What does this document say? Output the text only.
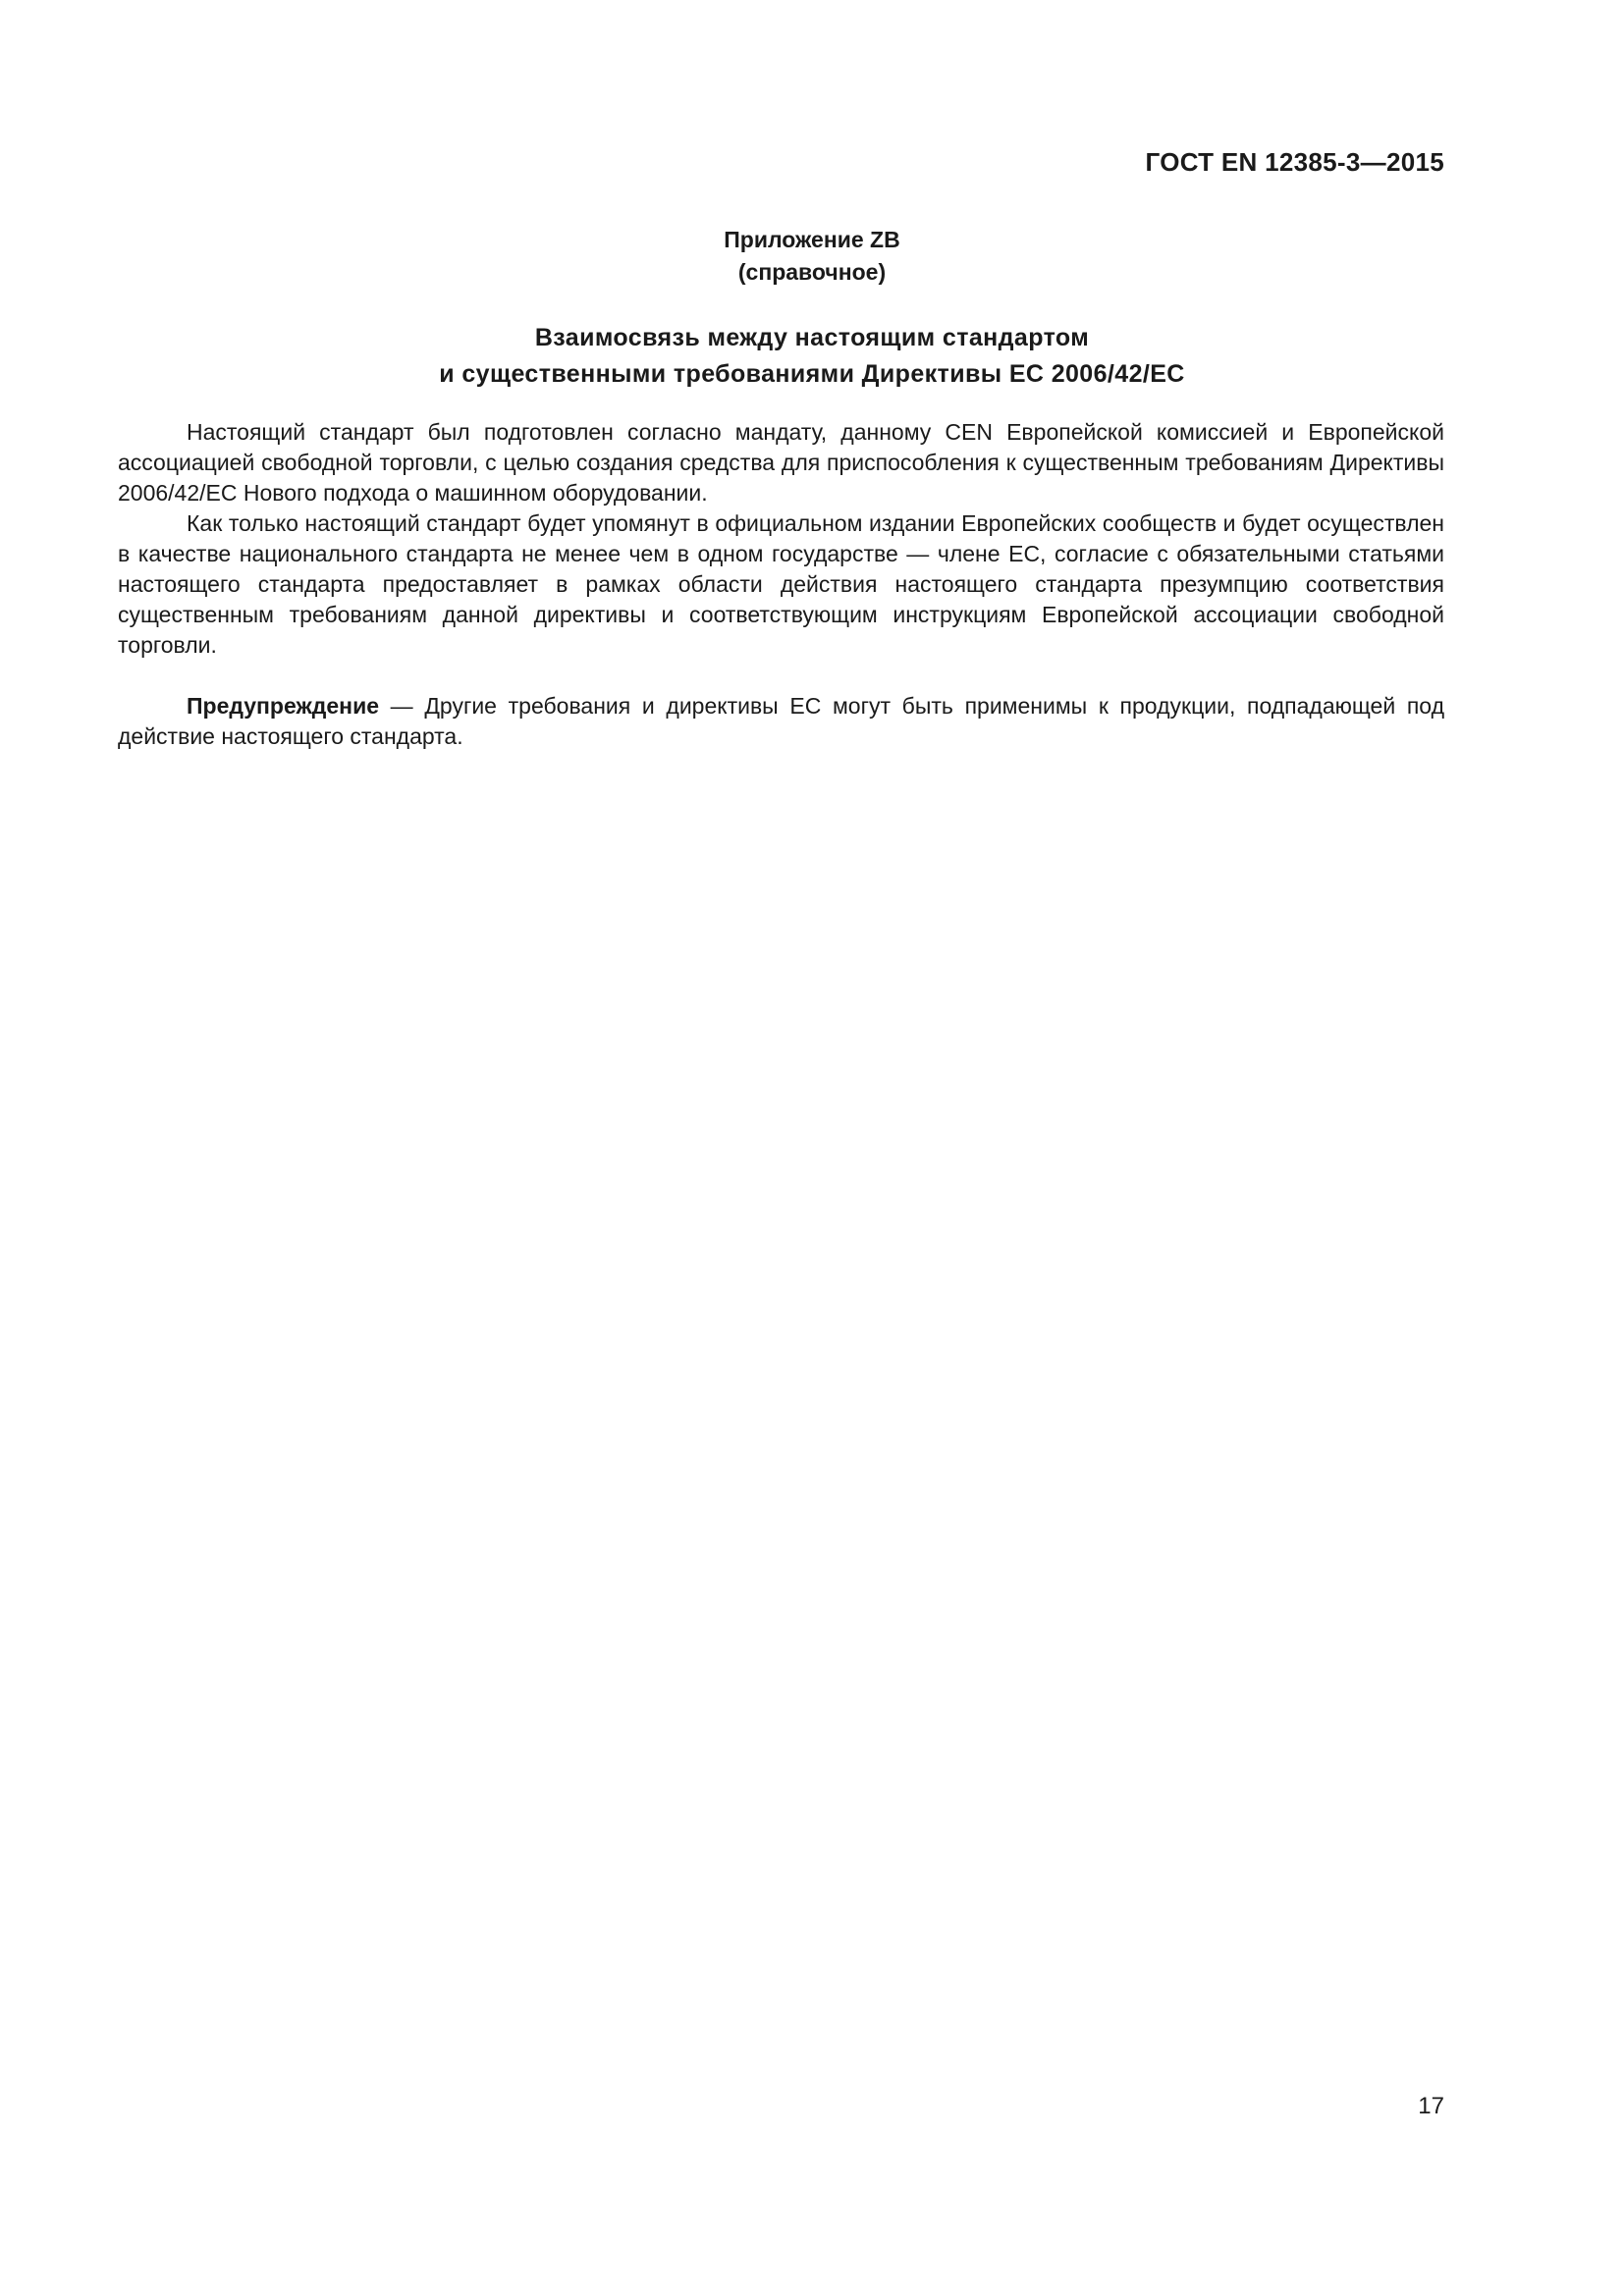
ГОСТ EN 12385-3—2015
Приложение ZB
(справочное)
Взаимосвязь между настоящим стандартом
и существенными требованиями Директивы ЕС 2006/42/ЕС

Настоящий стандарт был подготовлен согласно мандату, данному CEN Европейской комиссией и Европейской ассоциацией свободной торговли, с целью создания средства для приспособления к существенным требованиям Директивы 2006/42/ЕС Нового подхода о машинном оборудовании.

Как только настоящий стандарт будет упомянут в официальном издании Европейских сообществ и будет осуществлен в качестве национального стандарта не менее чем в одном государстве — члене ЕС, согласие с обязательными статьями настоящего стандарта предоставляет в рамках области действия настоящего стандарта презумпцию соответствия существенным требованиям данной директивы и соответствующим инструкциям Европейской ассоциации свободной торговли.

Предупреждение — Другие требования и директивы ЕС могут быть применимы к продукции, подпадающей под действие настоящего стандарта.

17
